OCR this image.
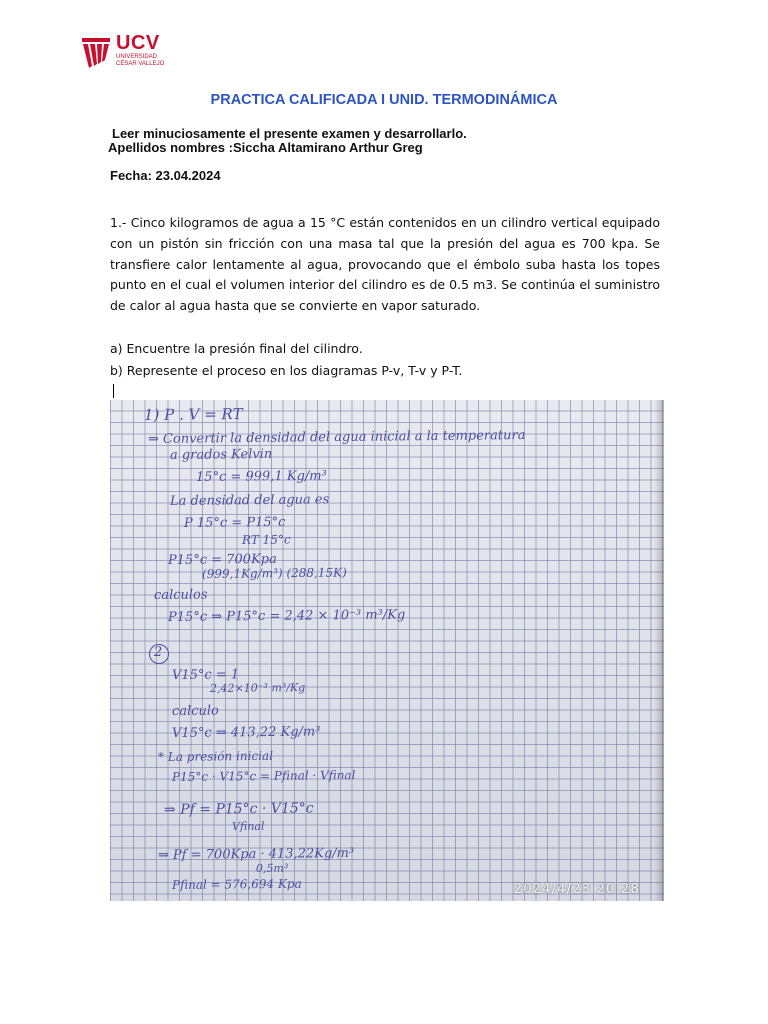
UCV
UNIVERSIDAD
CÉSAR VALLEJO
PRACTICA CALIFICADA I UNID. TERMODINÁMICA
Leer minuciosamente el presente examen y desarrollarlo.
Apellidos nombres :Siccha Altamirano Arthur Greg
Fecha: 23.04.2024
1.- Cinco kilogramos de agua a 15 °C están contenidos en un cilindro vertical equipado con un pistón sin fricción con una masa tal que la presión del agua es 700 kpa. Se transfiere calor lentamente al agua, provocando que el émbolo suba hasta los topes punto en el cual el volumen interior del cilindro es de 0.5 m3. Se continúa el suministro de calor al agua hasta que se convierte en vapor saturado.
a) Encuentre la presión final del cilindro.
b) Represente el proceso en los diagramas P-v, T-v y P-T.
1) P . V = RT
⇒ Convertir la densidad del agua inicial a la temperatura
a grados Kelvin
15°c = 999,1 Kg/m³
La densidad del agua es
P 15°c = P15°c
RT 15°c
P15°c = 700Kpa
(999,1Kg/m³) (288,15K)
calculos
P15°c ⇒ P15°c = 2,42 × 10⁻³ m³/Kg
2
V15°c = 1
2,42×10⁻³ m³/Kg
calculo
V15°c ⇒ 413,22 Kg/m³
* La presión inicial
P15°c · V15°c = Pfinal · Vfinal
⇒ Pf = P15°c · V15°c
Vfinal
⇒ Pf = 700Kpa · 413,22Kg/m³
0,5m³
Pfinal = 576,694 Kpa	2024/4/23 20:28
